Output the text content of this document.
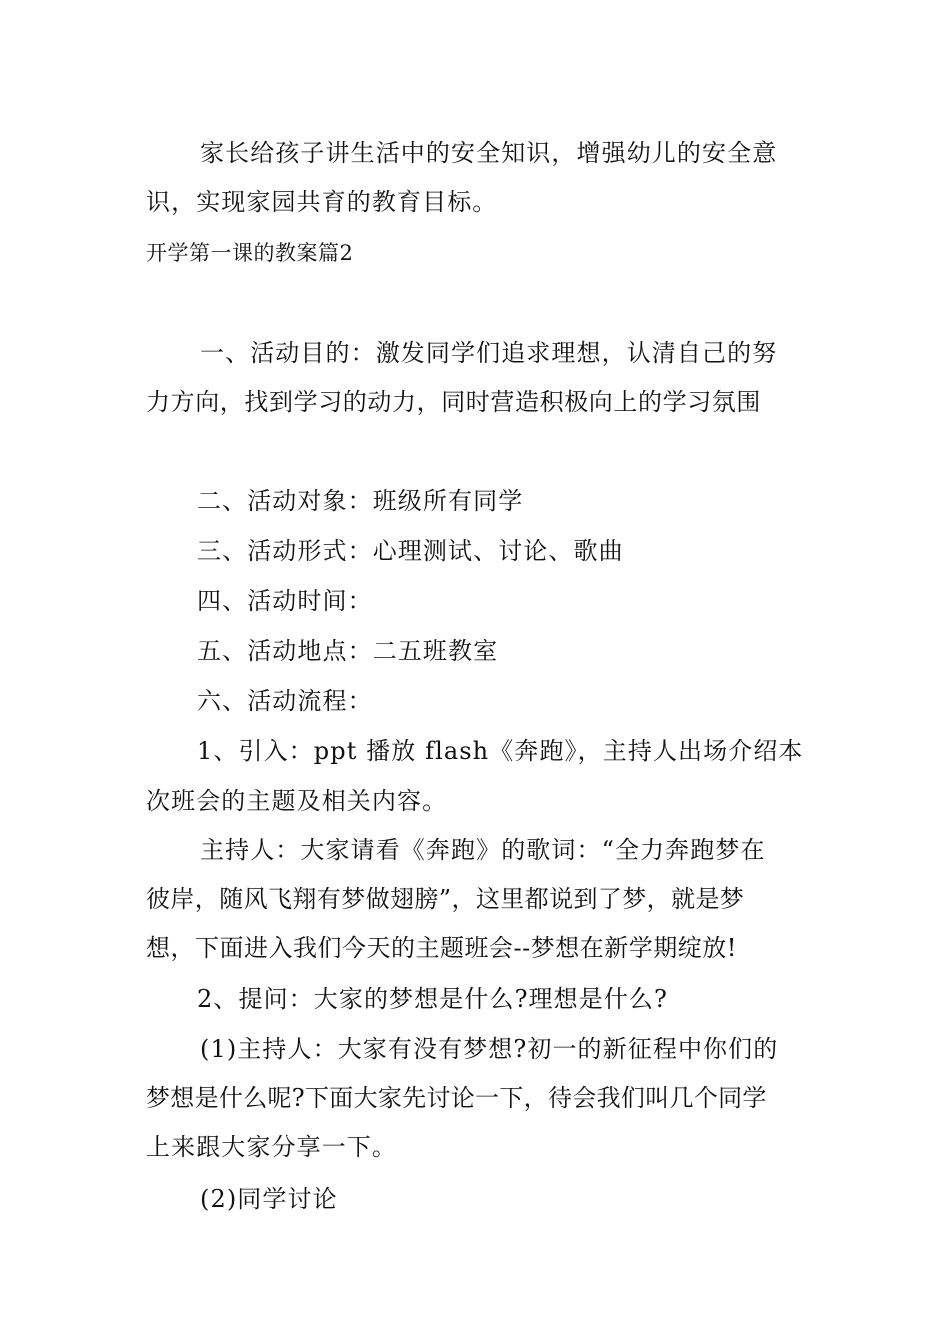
家长给孩子讲生活中的安全知识，增强幼儿的安全意
识，实现家园共育的教育目标。
开学第一课的教案篇2
一、活动目的：激发同学们追求理想，认清自己的努
力方向，找到学习的动力，同时营造积极向上的学习氛围
二、活动对象：班级所有同学
三、活动形式：心理测试、讨论、歌曲
四、活动时间：
五、活动地点：二五班教室
六、活动流程：
1、引入：ppt 播放 flash《奔跑》，主持人出场介绍本
次班会的主题及相关内容。
主持人：大家请看《奔跑》的歌词：“全力奔跑梦在
彼岸，随风飞翔有梦做翅膀”，这里都说到了梦，就是梦
想，下面进入我们今天的主题班会--梦想在新学期绽放!
2、提问：大家的梦想是什么?理想是什么?
(1)主持人：大家有没有梦想?初一的新征程中你们的
梦想是什么呢?下面大家先讨论一下，待会我们叫几个同学
上来跟大家分享一下。
(2)同学讨论
